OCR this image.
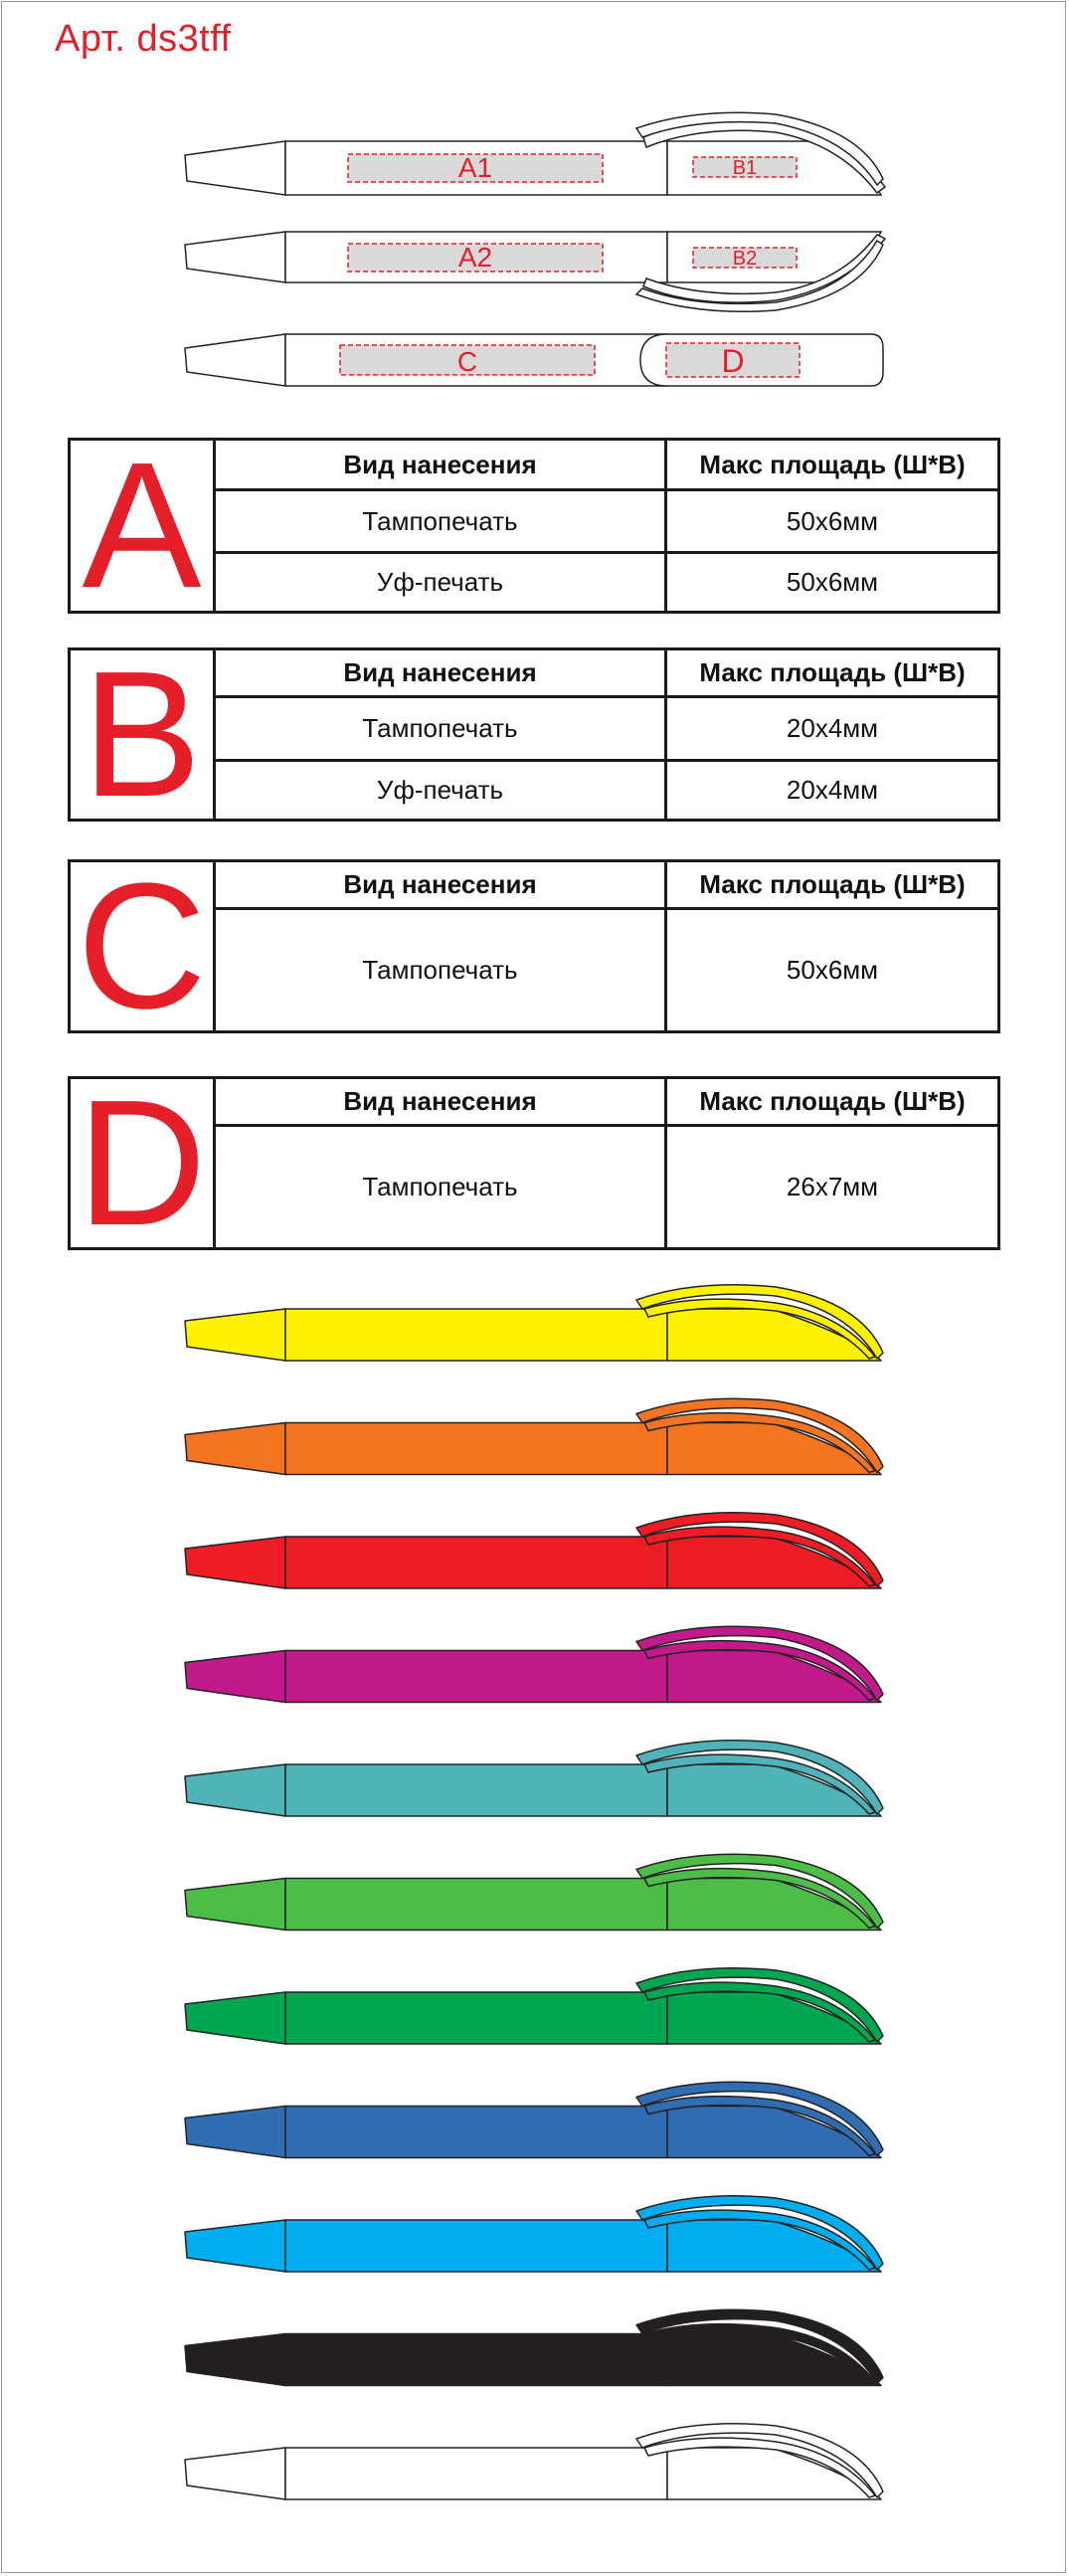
Арт. ds3tff
A1	B1
A2	B2
C	D
A	Вид нанесения	Макс площадь (Ш*В)
Тампопечать	50х6мм
Уф-печать	50х6мм
B	Вид нанесения	Макс площадь (Ш*В)
Тампопечать	20х4мм
Уф-печать	20х4мм
C	Вид нанесения	Макс площадь (Ш*В)
Тампопечать	50х6мм
D	Вид нанесения	Макс площадь (Ш*В)
Тампопечать	26х7мм
